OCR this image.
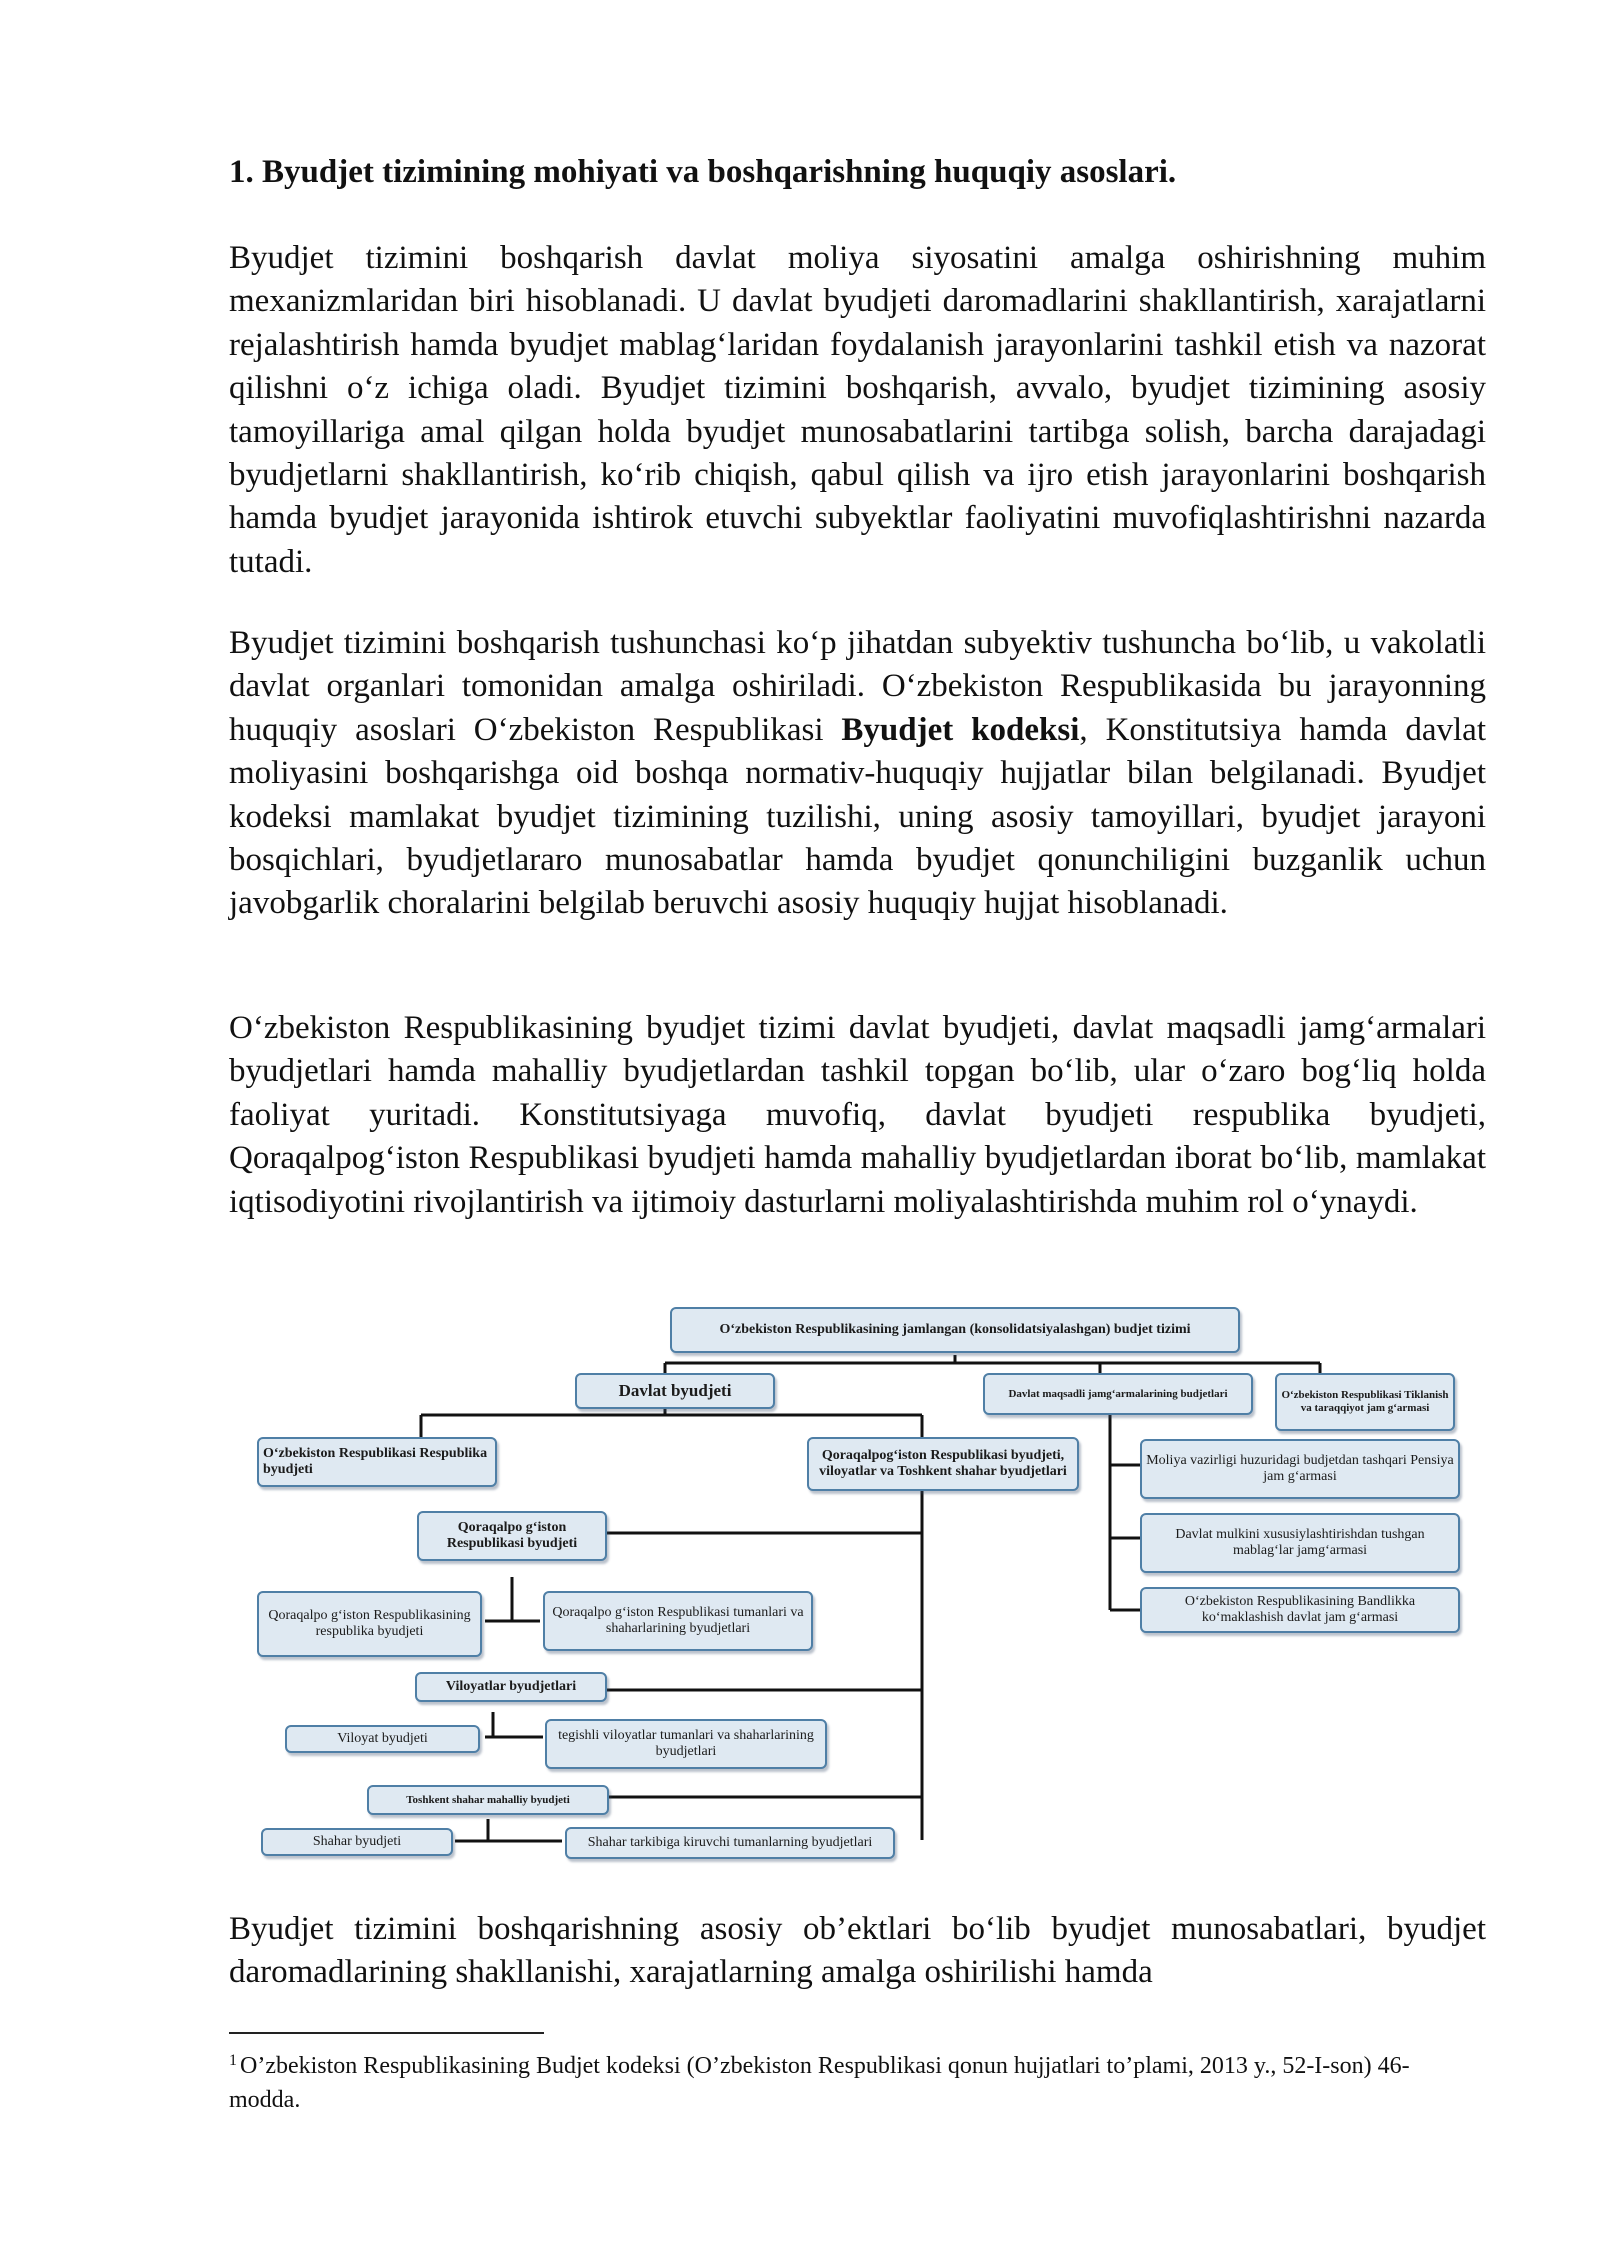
1. Byudjet tizimining mohiyati va boshqarishning huquqiy asoslari.

Byudjet tizimini boshqarish davlat moliya siyosatini amalga oshirishning muhim mexanizmlaridan biri hisoblanadi. U davlat byudjeti daromadlarini shakllantirish, xarajatlarni rejalashtirish hamda byudjet mablag‘laridan foydalanish jarayonlarini tashkil etish va nazorat qilishni o‘z ichiga oladi. Byudjet tizimini boshqarish, avvalo, byudjet tizimining asosiy tamoyillariga amal qilgan holda byudjet munosabatlarini tartibga solish, barcha darajadagi byudjetlarni shakllantirish, ko‘rib chiqish, qabul qilish va ijro etish jarayonlarini boshqarish hamda byudjet jarayonida ishtirok etuvchi subyektlar faoliyatini muvofiqlashtirishni nazarda tutadi.

Byudjet tizimini boshqarish tushunchasi ko‘p jihatdan subyektiv tushuncha bo‘lib, u vakolatli davlat organlari tomonidan amalga oshiriladi. O‘zbekiston Respublikasida bu jarayonning huquqiy asoslari O‘zbekiston Respublikasi Byudjet kodeksi, Konstitutsiya hamda davlat moliyasini boshqarishga oid boshqa normativ-huquqiy hujjatlar bilan belgilanadi. Byudjet kodeksi mamlakat byudjet tizimining tuzilishi, uning asosiy tamoyillari, byudjet jarayoni bosqichlari, byudjetlararo munosabatlar hamda byudjet qonunchiligini buzganlik uchun javobgarlik choralarini belgilab beruvchi asosiy huquqiy hujjat hisoblanadi.

O‘zbekiston Respublikasining byudjet tizimi davlat byudjeti, davlat maqsadli jamg‘armalari byudjetlari hamda mahalliy byudjetlardan tashkil topgan bo‘lib, ular o‘zaro bog‘liq holda faoliyat yuritadi. Konstitutsiyaga muvofiq, davlat byudjeti respublika byudjeti, Qoraqalpog‘iston Respublikasi byudjeti hamda mahalliy byudjetlardan iborat bo‘lib, mamlakat iqtisodiyotini rivojlantirish va ijtimoiy dasturlarni moliyalashtirishda muhim rol o‘ynaydi.

O‘zbekiston Respublikasining jamlangan (konsolidatsiyalashgan) budjet tizimi
Davlat byudjeti	Davlat maqsadli jamg‘armalarining budjetlari	O‘zbekiston Respublikasi Tiklanish va taraqqiyot jam g‘armasi
O‘zbekiston Respublikasi Respublika byudjeti
Qoraqalpog‘iston Respublikasi byudjeti, viloyatlar va Toshkent shahar byudjetlari
Moliya vazirligi huzuridagi budjetdan tashqari Pensiya jam g‘armasi
Davlat mulkini xususiylashtirishdan tushgan mablag‘lar jamg‘armasi
O‘zbekiston Respublikasining Bandlikka ko‘maklashish davlat jam g‘armasi
Qoraqalpo g‘iston Respublikasi byudjeti
Qoraqalpo g‘iston Respublikasining respublika byudjeti
Qoraqalpo g‘iston Respublikasi tumanlari va shaharlarining byudjetlari
Viloyatlar byudjetlari
Viloyat byudjeti	tegishli viloyatlar tumanlari va shaharlarining byudjetlari
Toshkent shahar mahalliy byudjeti
Shahar byudjeti	Shahar tarkibiga kiruvchi tumanlarning byudjetlari

Byudjet tizimini boshqarishning asosiy ob’ektlari bo‘lib byudjet munosabatlari, byudjet daromadlarining shakllanishi, xarajatlarning amalga oshirilishi hamda

$^1$ O’zbekiston Respublikasining Budjet kodeksi (O’zbekiston Respublikasi qonun hujjatlari to’plami, 2013 y., 52-I-son) 46-modda.
